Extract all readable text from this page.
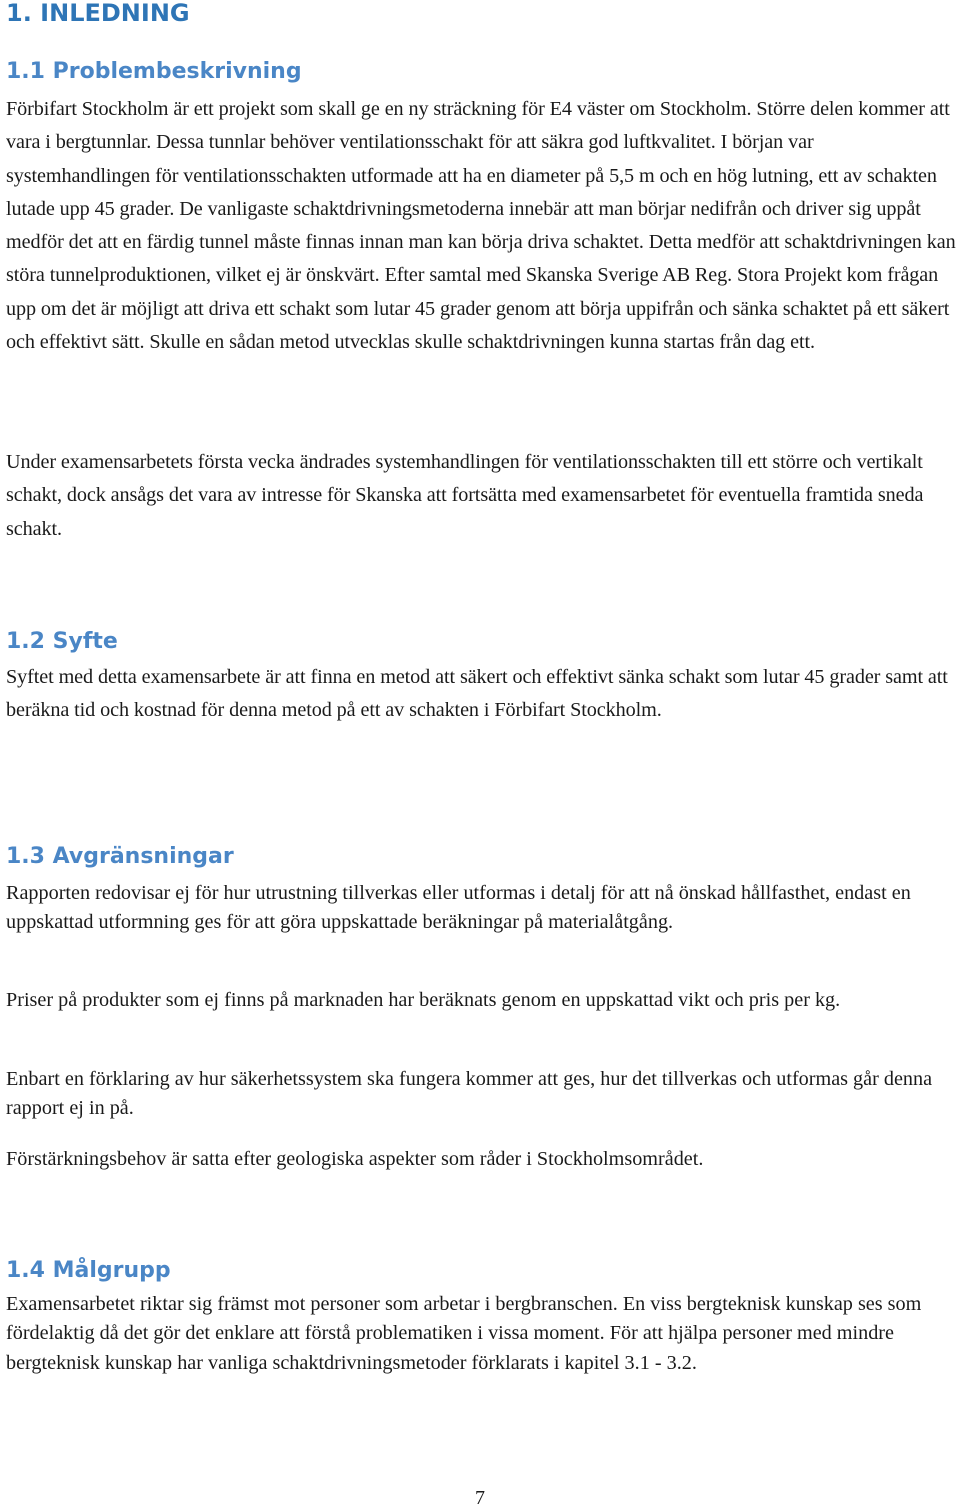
1. INLEDNING
1.1 Problembeskrivning

Förbifart Stockholm är ett projekt som skall ge en ny sträckning för E4 väster om Stockholm. Större delen kommer att vara i bergtunnlar. Dessa tunnlar behöver ventilationsschakt för att säkra god luftkvalitet. I början var systemhandlingen för ventilationsschakten utformade att ha en diameter på 5,5 m och en hög lutning, ett av schakten lutade upp 45 grader. De vanligaste schaktdrivningsmetoderna innebär att man börjar nedifrån och driver sig uppåt medför det att en färdig tunnel måste finnas innan man kan börja driva schaktet. Detta medför att schaktdrivningen kan störa tunnelproduktionen, vilket ej är önskvärt. Efter samtal med Skanska Sverige AB Reg. Stora Projekt kom frågan upp om det är möjligt att driva ett schakt som lutar 45 grader genom att börja uppifrån och sänka schaktet på ett säkert och effektivt sätt. Skulle en sådan metod utvecklas skulle schaktdrivningen kunna startas från dag ett.

Under examensarbetets första vecka ändrades systemhandlingen för ventilationsschakten till ett större och vertikalt schakt, dock ansågs det vara av intresse för Skanska att fortsätta med examensarbetet för eventuella framtida sneda schakt.

1.2 Syfte

Syftet med detta examensarbete är att finna en metod att säkert och effektivt sänka schakt som lutar 45 grader samt att beräkna tid och kostnad för denna metod på ett av schakten i Förbifart Stockholm.

1.3 Avgränsningar

Rapporten redovisar ej för hur utrustning tillverkas eller utformas i detalj för att nå önskad hållfasthet, endast en uppskattad utformning ges för att göra uppskattade beräkningar på materialåtgång.

Priser på produkter som ej finns på marknaden har beräknats genom en uppskattad vikt och pris per kg.

Enbart en förklaring av hur säkerhetssystem ska fungera kommer att ges, hur det tillverkas och utformas går denna rapport ej in på.

Förstärkningsbehov är satta efter geologiska aspekter som råder i Stockholmsområdet.

1.4 Målgrupp

Examensarbetet riktar sig främst mot personer som arbetar i bergbranschen. En viss bergteknisk kunskap ses som fördelaktig då det gör det enklare att förstå problematiken i vissa moment. För att hjälpa personer med mindre bergteknisk kunskap har vanliga schaktdrivningsmetoder förklarats i kapitel 3.1 - 3.2.

7
